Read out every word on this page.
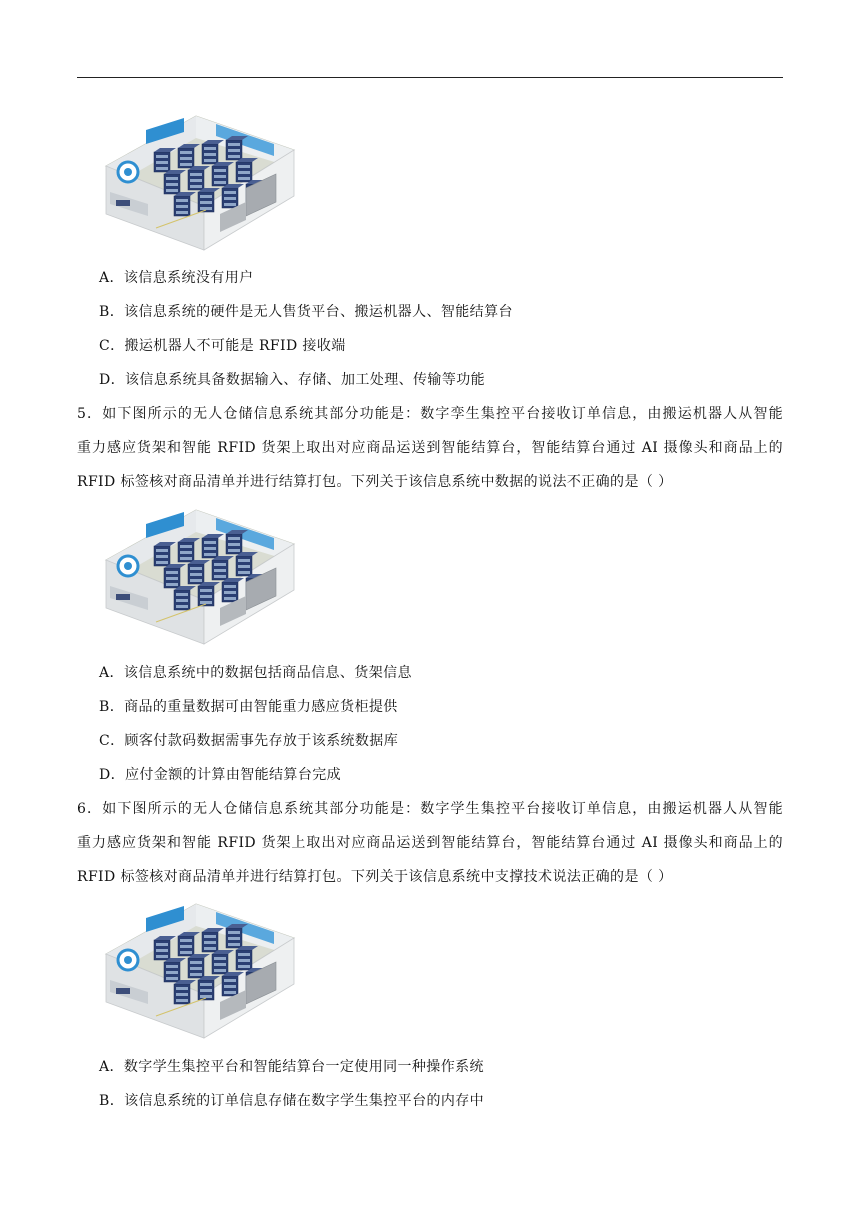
A．该信息系统没有用户
B．该信息系统的硬件是无人售货平台、搬运机器人、智能结算台
C．搬运机器人不可能是 RFID 接收端
D．该信息系统具备数据输入、存储、加工处理、传输等功能
5．如下图所示的无人仓储信息系统其部分功能是：数字孪生集控平台接收订单信息，由搬运机器人从智能
重力感应货架和智能 RFID 货架上取出对应商品运送到智能结算台，智能结算台通过 AI 摄像头和商品上的
RFID 标签核对商品清单并进行结算打包。下列关于该信息系统中数据的说法不正确的是（ ）
A．该信息系统中的数据包括商品信息、货架信息
B．商品的重量数据可由智能重力感应货柜提供
C．顾客付款码数据需事先存放于该系统数据库
D．应付金额的计算由智能结算台完成
6．如下图所示的无人仓储信息系统其部分功能是：数字学生集控平台接收订单信息，由搬运机器人从智能
重力感应货架和智能 RFID 货架上取出对应商品运送到智能结算台，智能结算台通过 AI 摄像头和商品上的
RFID 标签核对商品清单并进行结算打包。下列关于该信息系统中支撑技术说法正确的是（ ）
A．数字学生集控平台和智能结算台一定使用同一种操作系统
B．该信息系统的订单信息存储在数字学生集控平台的内存中
